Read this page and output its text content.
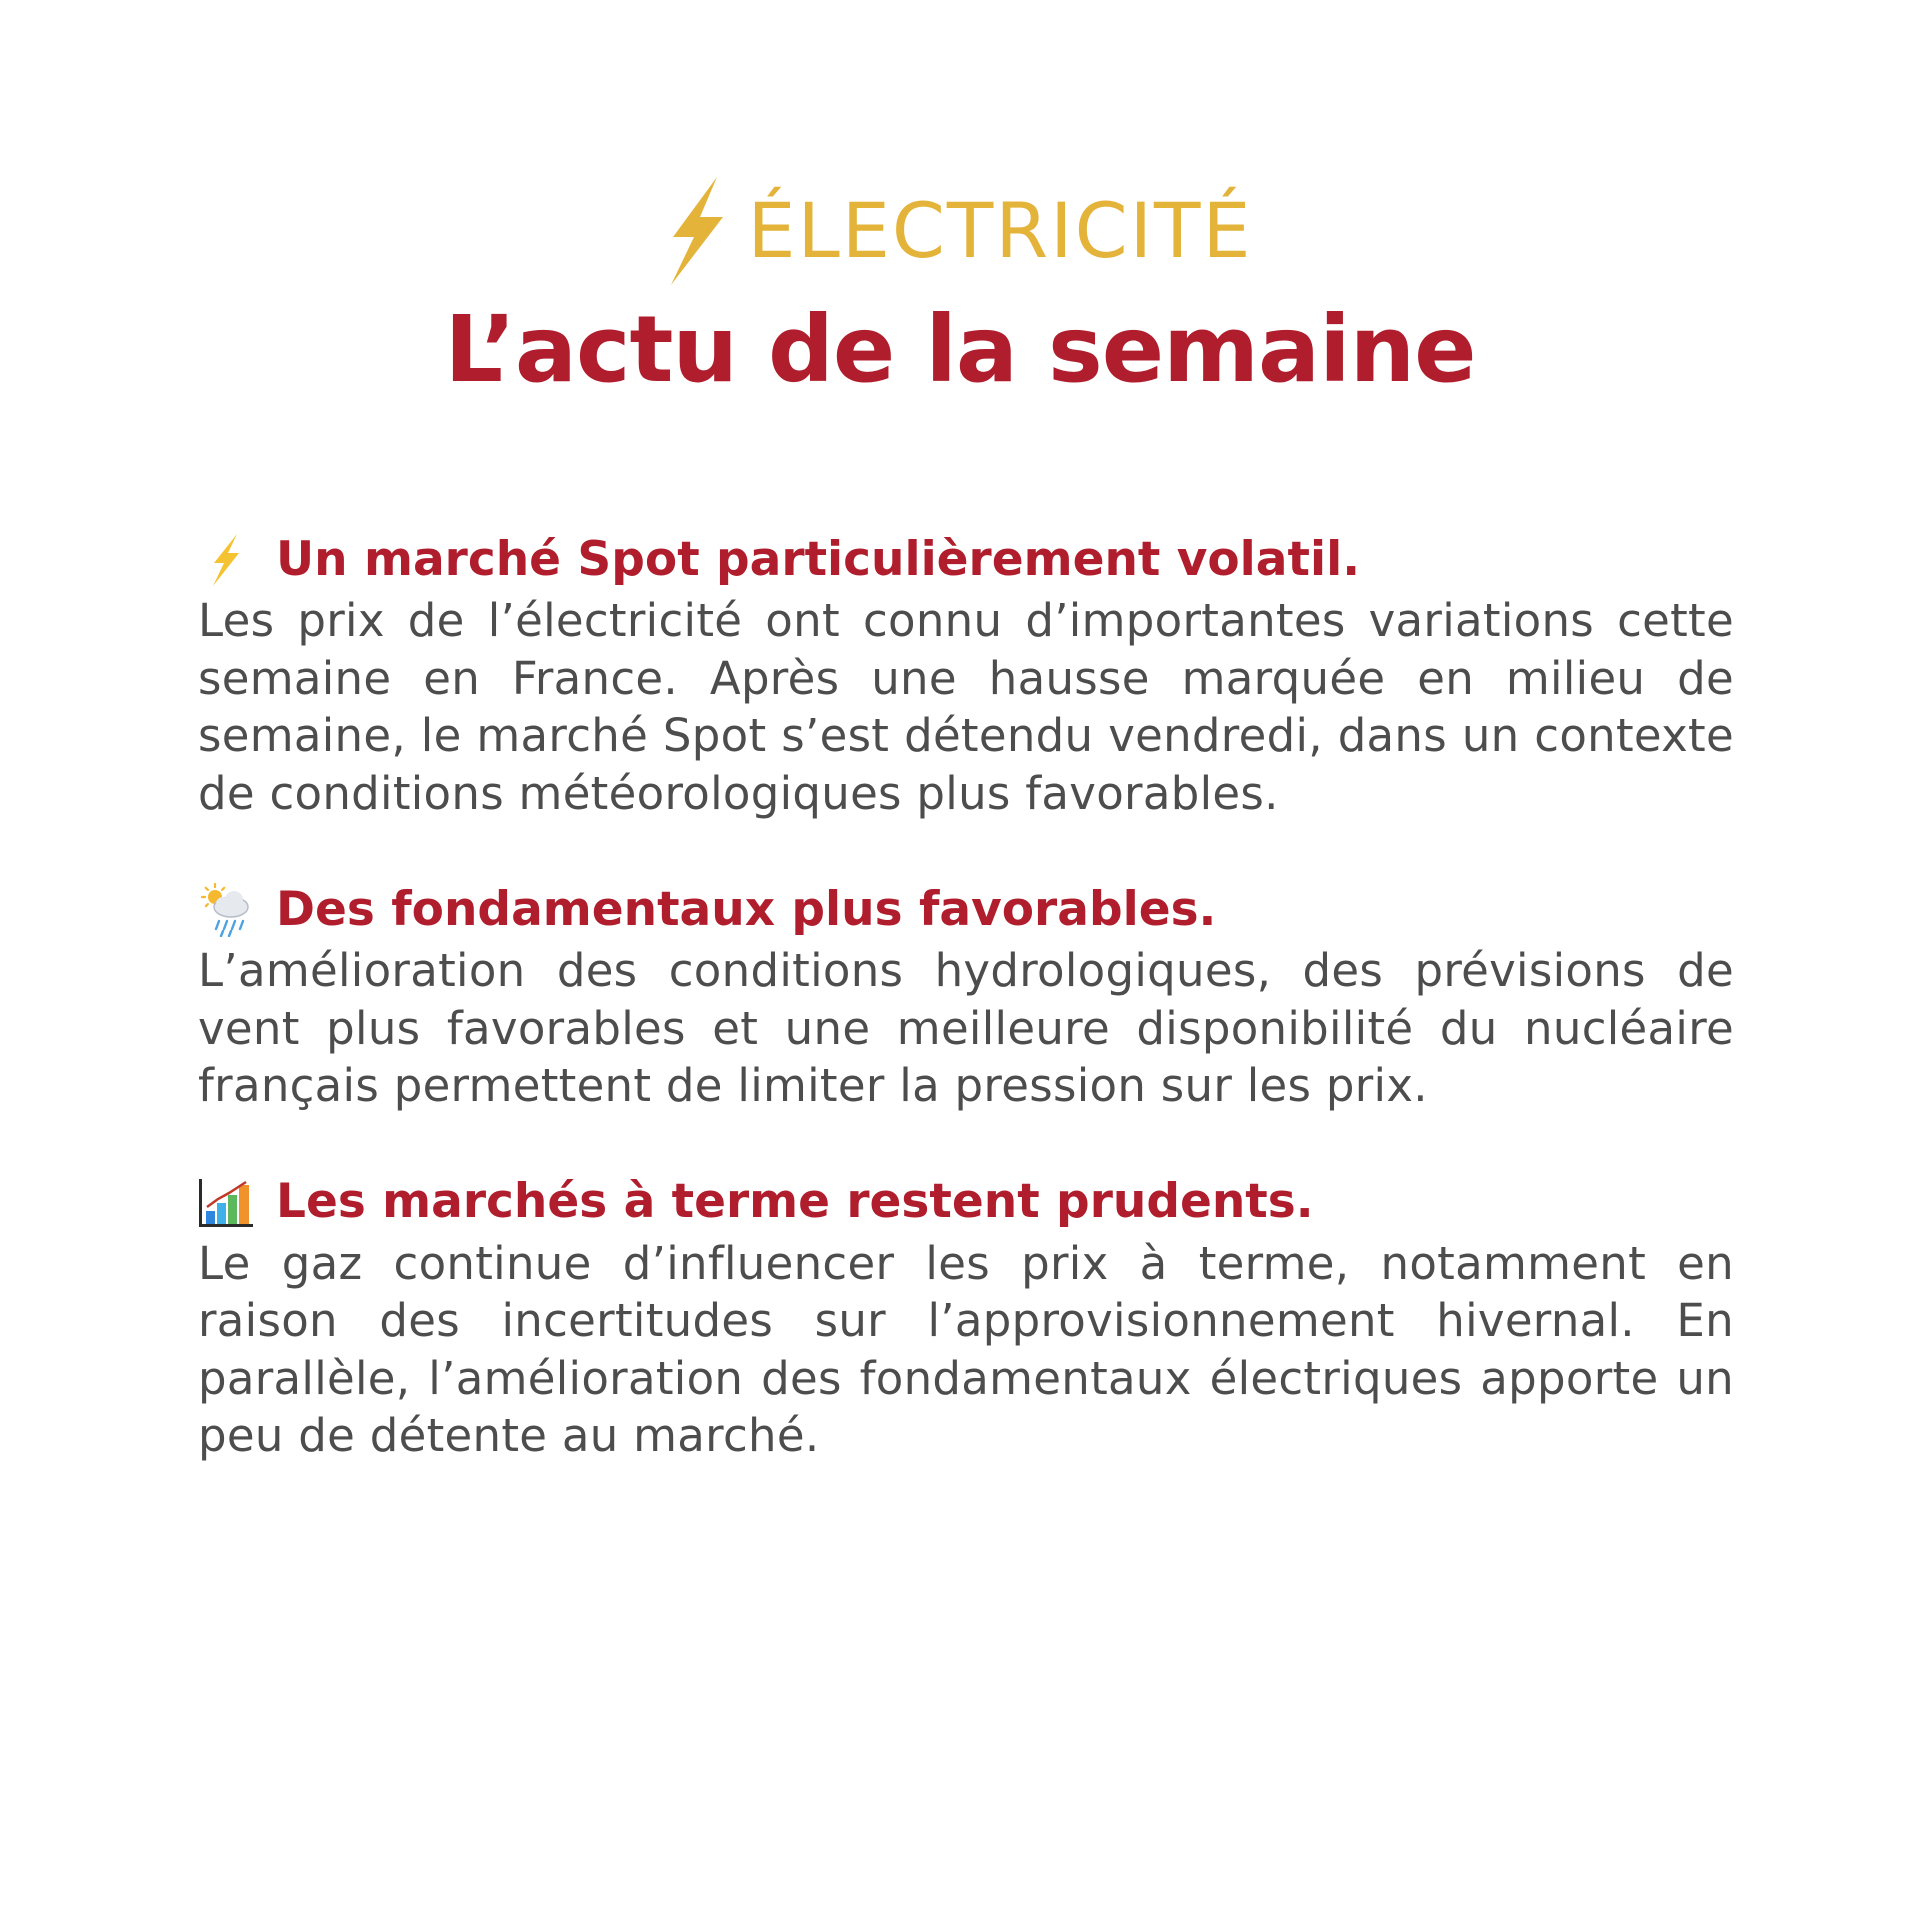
ÉLECTRICITÉ
L’actu de la semaine
Un marché Spot particulièrement volatil.
Les prix de l’électricité ont connu d’importantes variations cette semaine en France. Après une hausse marquée en milieu de semaine, le marché Spot s’est détendu vendredi, dans un contexte de conditions météorologiques plus favorables.
Des fondamentaux plus favorables.
L’amélioration des conditions hydrologiques, des prévisions de vent plus favorables et une meilleure disponibilité du nucléaire français permettent de limiter la pression sur les prix.
Les marchés à terme restent prudents.
Le gaz continue d’influencer les prix à terme, notamment en raison des incertitudes sur l’approvisionnement hivernal. En parallèle, l’amélioration des fondamentaux électriques apporte un peu de détente au marché.
